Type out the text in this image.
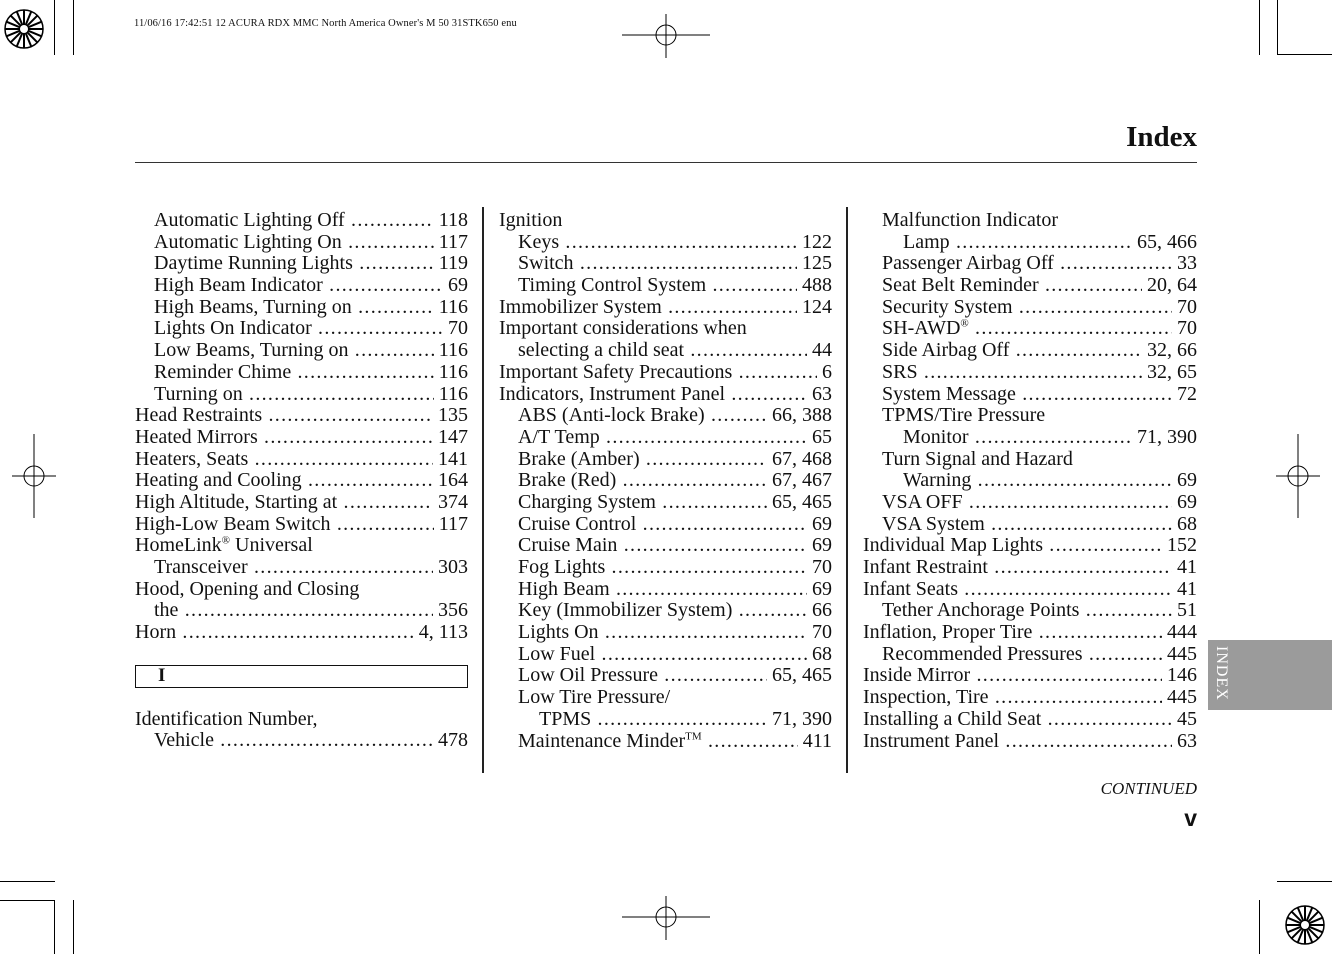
11/06/16 17:42:51 12 ACURA RDX MMC North America Owner's M 50 31STK650 enu
Index
Automatic Lighting Off .....	118
Automatic Lighting On .....	117
Daytime Running Lights .....	119
High Beam Indicator .....	69
High Beams, Turning on .....	116
Lights On Indicator .....	70
Low Beams, Turning on .....	116
Reminder Chime .....	116
Turning on .....	116
Head Restraints .....	135
Heated Mirrors .....	147
Heaters, Seats .....	141
Heating and Cooling .....	164
High Altitude, Starting at .....	374
High-Low Beam Switch .....	117
HomeLink® Universal
Transceiver .....	303
Hood, Opening and Closing
the .....	356
Horn .....	4, 113
I
Identification Number,
Vehicle .....	478
Ignition
Keys .....	122
Switch .....	125
Timing Control System .....	488
Immobilizer System .....	124
Important considerations when
selecting a child seat .....	44
Important Safety Precautions .....	6
Indicators, Instrument Panel .....	63
ABS (Anti-lock Brake) .....	66, 388
A/T Temp .....	65
Brake (Amber) .....	67, 468
Brake (Red) .....	67, 467
Charging System .....	65, 465
Cruise Control .....	69
Cruise Main .....	69
Fog Lights .....	70
High Beam .....	69
Key (Immobilizer System) .....	66
Lights On .....	70
Low Fuel .....	68
Low Oil Pressure .....	65, 465
Low Tire Pressure/
TPMS .....	71, 390
Maintenance Minder™ .....	411
Malfunction Indicator
Lamp .....	65, 466
Passenger Airbag Off .....	33
Seat Belt Reminder .....	20, 64
Security System .....	70
SH-AWD® .....	70
Side Airbag Off .....	32, 66
SRS .....	32, 65
System Message .....	72
TPMS/Tire Pressure
Monitor .....	71, 390
Turn Signal and Hazard
Warning .....	69
VSA OFF .....	69
VSA System .....	68
Individual Map Lights .....	152
Infant Restraint .....	41
Infant Seats .....	41
Tether Anchorage Points .....	51
Inflation, Proper Tire .....	444
Recommended Pressures .....	445
Inside Mirror .....	146
Inspection, Tire .....	445
Installing a Child Seat .....	45
Instrument Panel .....	63
CONTINUED
v
INDEX
